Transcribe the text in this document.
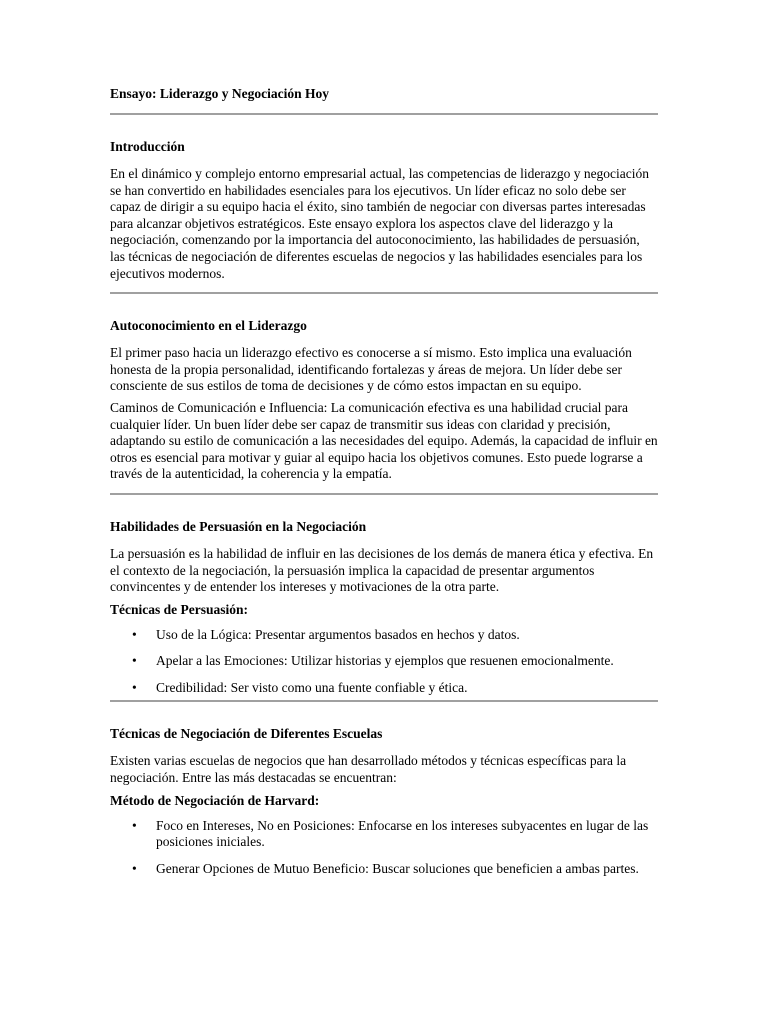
Ensayo: Liderazgo y Negociación Hoy
Introducción

En el dinámico y complejo entorno empresarial actual, las competencias de liderazgo y negociación se han convertido en habilidades esenciales para los ejecutivos. Un líder eficaz no solo debe ser capaz de dirigir a su equipo hacia el éxito, sino también de negociar con diversas partes interesadas para alcanzar objetivos estratégicos. Este ensayo explora los aspectos clave del liderazgo y la negociación, comenzando por la importancia del autoconocimiento, las habilidades de persuasión, las técnicas de negociación de diferentes escuelas de negocios y las habilidades esenciales para los ejecutivos modernos.

Autoconocimiento en el Liderazgo

El primer paso hacia un liderazgo efectivo es conocerse a sí mismo. Esto implica una evaluación honesta de la propia personalidad, identificando fortalezas y áreas de mejora. Un líder debe ser consciente de sus estilos de toma de decisiones y de cómo estos impactan en su equipo.

Caminos de Comunicación e Influencia: La comunicación efectiva es una habilidad crucial para cualquier líder. Un buen líder debe ser capaz de transmitir sus ideas con claridad y precisión, adaptando su estilo de comunicación a las necesidades del equipo. Además, la capacidad de influir en otros es esencial para motivar y guiar al equipo hacia los objetivos comunes. Esto puede lograrse a través de la autenticidad, la coherencia y la empatía.

Habilidades de Persuasión en la Negociación

La persuasión es la habilidad de influir en las decisiones de los demás de manera ética y efectiva. En el contexto de la negociación, la persuasión implica la capacidad de presentar argumentos convincentes y de entender los intereses y motivaciones de la otra parte.

Técnicas de Persuasión:
• Uso de la Lógica: Presentar argumentos basados en hechos y datos.
• Apelar a las Emociones: Utilizar historias y ejemplos que resuenen emocionalmente.
• Credibilidad: Ser visto como una fuente confiable y ética.
Técnicas de Negociación de Diferentes Escuelas

Existen varias escuelas de negocios que han desarrollado métodos y técnicas específicas para la negociación. Entre las más destacadas se encuentran:

Método de Negociación de Harvard:
• Foco en Intereses, No en Posiciones: Enfocarse en los intereses subyacentes en lugar de las posiciones iniciales.
• Generar Opciones de Mutuo Beneficio: Buscar soluciones que beneficien a ambas partes.
